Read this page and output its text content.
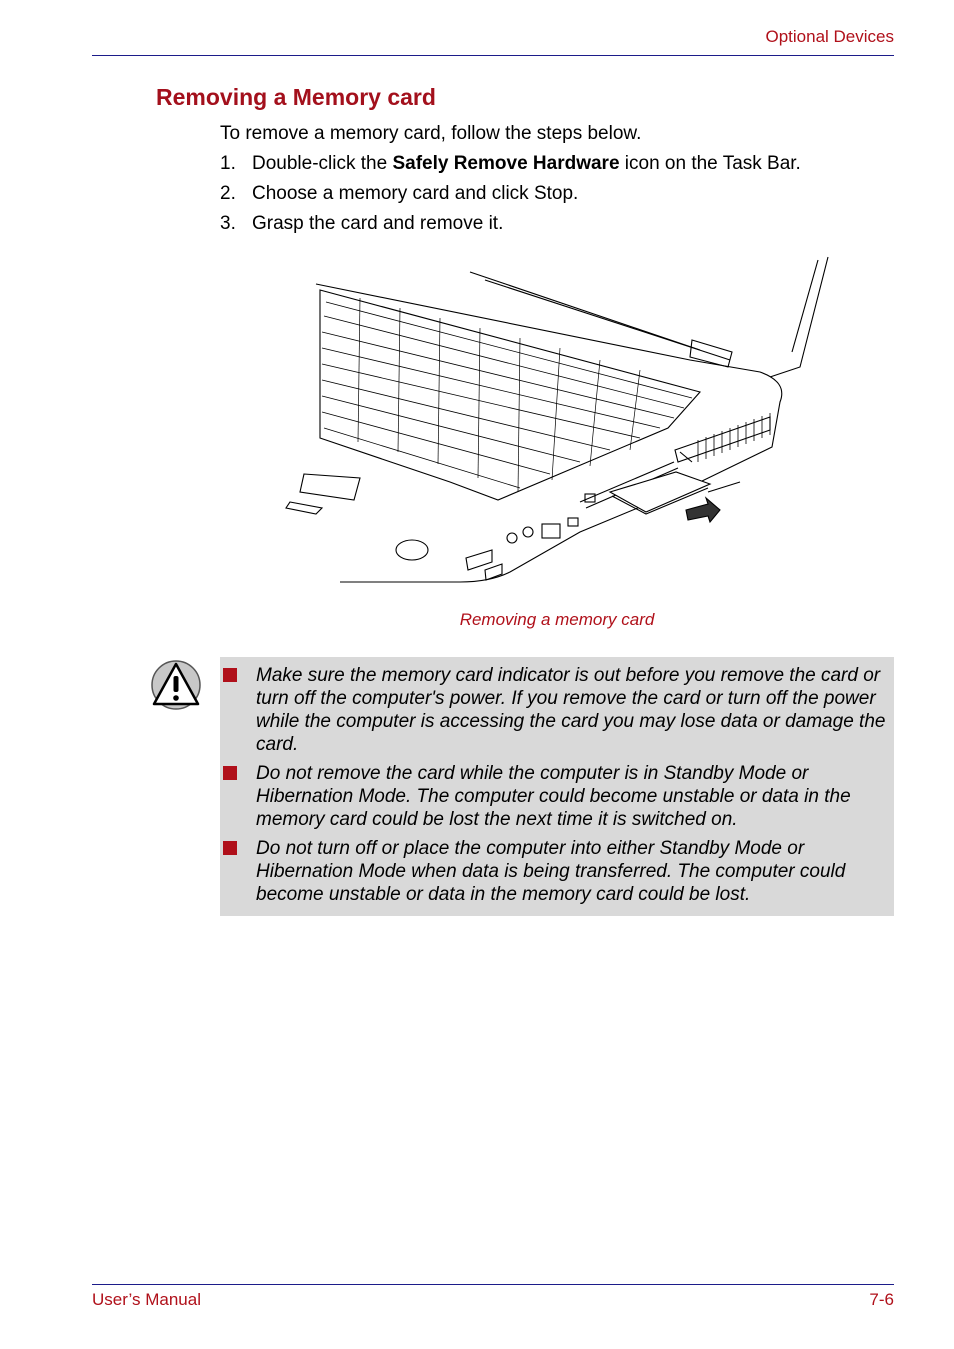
Optional Devices
Removing a Memory card
To remove a memory card, follow the steps below.
1. Double-click the Safely Remove Hardware icon on the Task Bar.
2. Choose a memory card and click Stop.
3. Grasp the card and remove it.
Removing a memory card
Make sure the memory card indicator is out before you remove the card or turn off the computer's power. If you remove the card or turn off the power while the computer is accessing the card you may lose data or damage the card.
Do not remove the card while the computer is in Standby Mode or Hibernation Mode. The computer could become unstable or data in the memory card could be lost the next time it is switched on.
Do not turn off or place the computer into either Standby Mode or Hibernation Mode when data is being transferred. The computer could become unstable or data in the memory card could be lost.
User’s Manual	7-6
